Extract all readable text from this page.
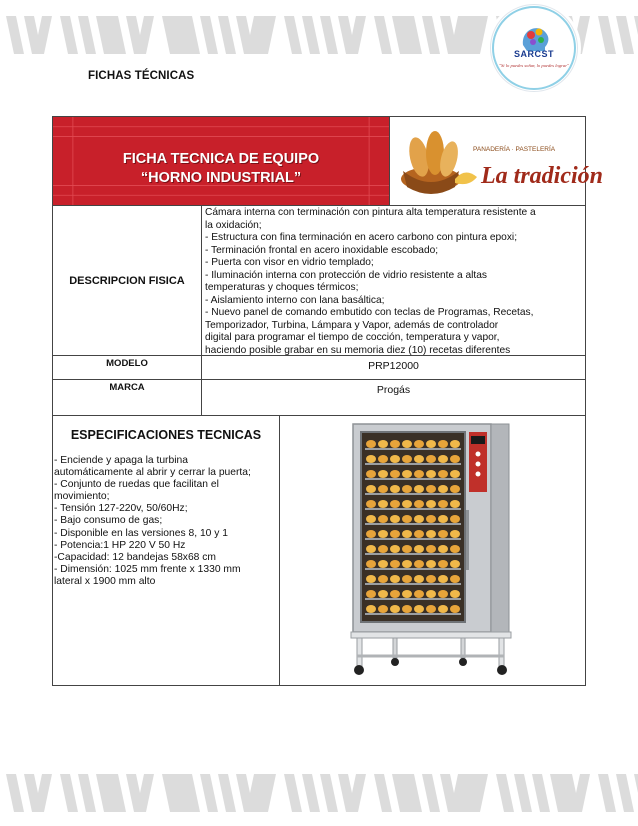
SARCST
"Si lo puedes soñar, lo puedes lograr"
FICHAS TÉCNICAS
FICHA TECNICA DE EQUIPO
“HORNO INDUSTRIAL”
PANADERÍA · PASTELERÍA
La tradición
DESCRIPCION FISICA
Cámara interna con terminación con pintura alta temperatura resistente a
la oxidación;
- Estructura con fina terminación en acero carbono con pintura epoxi;
- Terminación frontal en acero inoxidable escobado;
- Puerta con visor en vidrio templado;
- Iluminación interna con protección de vidrio resistente a altas
temperaturas y choques térmicos;
- Aislamiento interno con lana basáltica;
- Nuevo panel de comando embutido con teclas de Programas, Recetas,
Temporizador, Turbina, Lámpara y Vapor, además de controlador
digital para programar el tiempo de cocción, temperatura y vapor,
haciendo posible grabar en su memoria diez (10) recetas diferentes
MODELO	PRP12000
MARCA	Progás
ESPECIFICACIONES TECNICAS
- Enciende y apaga la turbina
automáticamente al abrir y cerrar la puerta;
- Conjunto de ruedas que facilitan el
movimiento;
- Tensión 127-220v, 50/60Hz;
- Bajo consumo de gas;
- Disponible en las versiones 8, 10 y 1
- Potencia:1 HP 220 V 50 Hz
-Capacidad: 12 bandejas 58x68 cm
- Dimensión: 1025 mm frente x 1330 mm
lateral x 1900 mm alto
